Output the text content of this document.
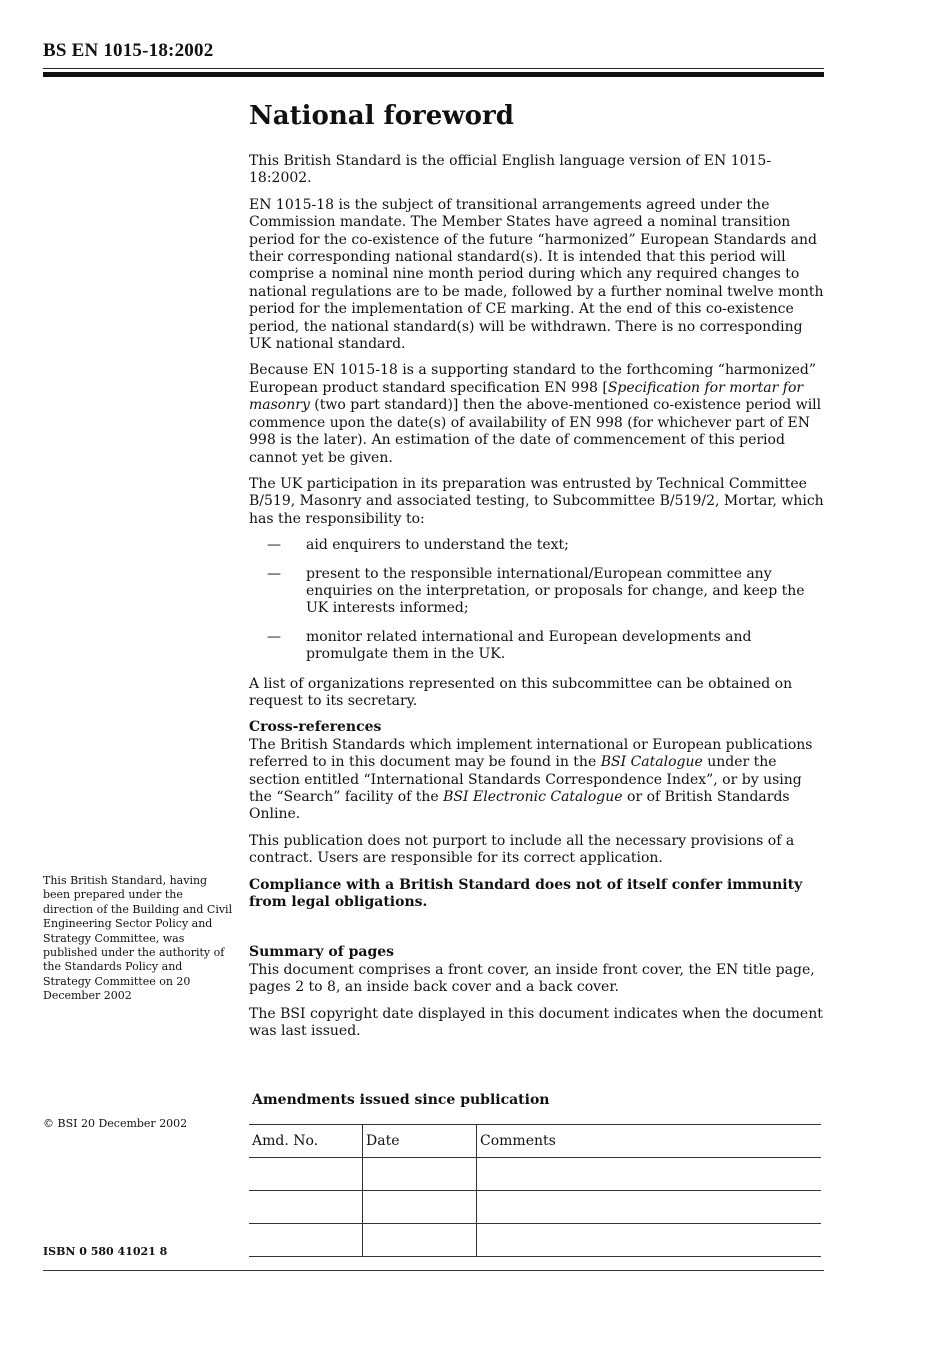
BS EN 1015-18:2002
National foreword

This British Standard is the official English language version of EN 1015-18:2002.

EN 1015-18 is the subject of transitional arrangements agreed under the Commission mandate. The Member States have agreed a nominal transition period for the co-existence of the future “harmonized” European Standards and their corresponding national standard(s). It is intended that this period will comprise a nominal nine month period during which any required changes to national regulations are to be made, followed by a further nominal twelve month period for the implementation of CE marking. At the end of this co-existence period, the national standard(s) will be withdrawn. There is no corresponding UK national standard.

Because EN 1015-18 is a supporting standard to the forthcoming “harmonized” European product standard specification EN 998 [Specification for mortar for masonry (two part standard)] then the above-mentioned co-existence period will commence upon the date(s) of availability of EN 998 (for whichever part of EN 998 is the later). An estimation of the date of commencement of this period cannot yet be given.

The UK participation in its preparation was entrusted by Technical Committee B/519, Masonry and associated testing, to Subcommittee B/519/2, Mortar, which has the responsibility to:

— aid enquirers to understand the text;
— present to the responsible international/European committee any enquiries on the interpretation, or proposals for change, and keep the UK interests informed;
— monitor related international and European developments and promulgate them in the UK.

A list of organizations represented on this subcommittee can be obtained on request to its secretary.

Cross-references

The British Standards which implement international or European publications referred to in this document may be found in the BSI Catalogue under the section entitled “International Standards Correspondence Index”, or by using the “Search” facility of the BSI Electronic Catalogue or of British Standards Online.

This publication does not purport to include all the necessary provisions of a contract. Users are responsible for its correct application.

Compliance with a British Standard does not of itself confer immunity from legal obligations.

Summary of pages

This document comprises a front cover, an inside front cover, the EN title page, pages 2 to 8, an inside back cover and a back cover.

The BSI copyright date displayed in this document indicates when the document was last issued.

This British Standard, having been prepared under the direction of the Building and Civil Engineering Sector Policy and Strategy Committee, was published under the authority of the Standards Policy and Strategy Committee on 20 December 2002
© BSI 20 December 2002
ISBN 0 580 41021 8
Amendments issued since publication
Amd. No.	Date	Comments
